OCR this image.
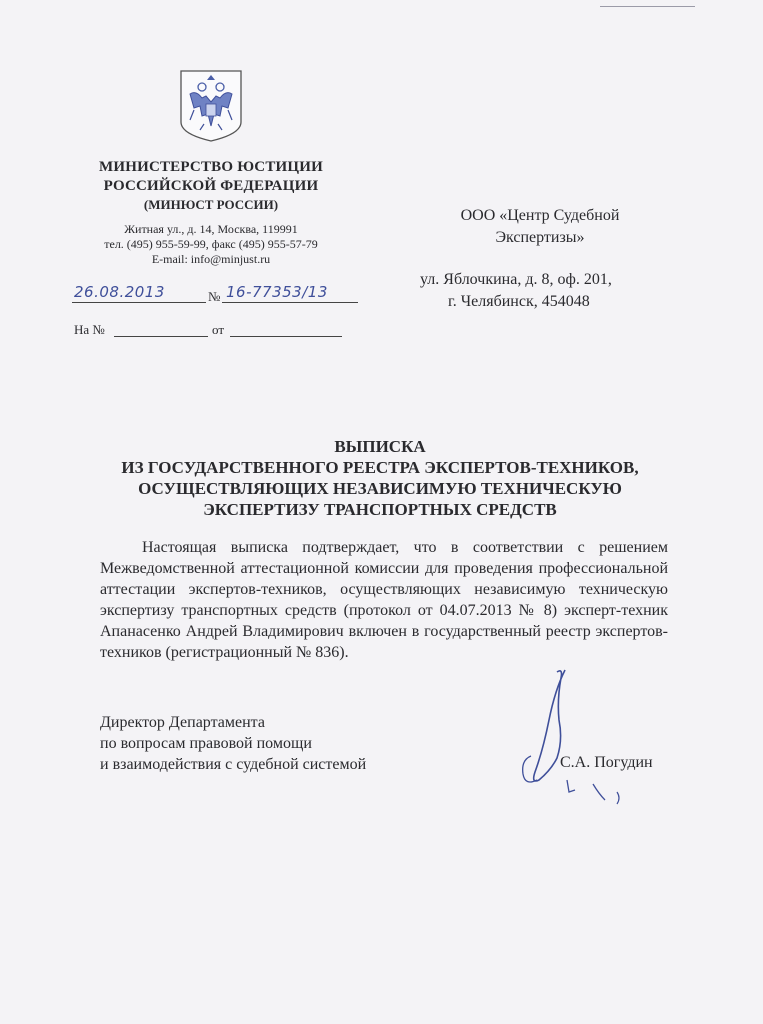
МИНИСТЕРСТВО ЮСТИЦИИ
РОССИЙСКОЙ ФЕДЕРАЦИИ
(МИНЮСТ РОССИИ)
Житная ул., д. 14, Москва, 119991
тел. (495) 955-59-99, факс (495) 955-57-79
E-mail: info@minjust.ru
26.08.2013	№ 16-77353/13
На №	от
ООО «Центр Судебной
Экспертизы»
ул. Яблочкина, д. 8, оф. 201,
г. Челябинск, 454048
ВЫПИСКА
ИЗ ГОСУДАРСТВЕННОГО РЕЕСТРА ЭКСПЕРТОВ-ТЕХНИКОВ,
ОСУЩЕСТВЛЯЮЩИХ НЕЗАВИСИМУЮ ТЕХНИЧЕСКУЮ
ЭКСПЕРТИЗУ ТРАНСПОРТНЫХ СРЕДСТВ
Настоящая выписка подтверждает, что в соответствии с решением Межведомственной аттестационной комиссии для проведения профессиональной аттестации экспертов-техников, осуществляющих независимую техническую экспертизу транспортных средств (протокол от 04.07.2013 № 8) эксперт-техник Апанасенко Андрей Владимирович включен в государственный реестр экспертов-техников (регистрационный № 836).
Директор Департамента
по вопросам правовой помощи
и взаимодействия с судебной системой	С.А. Погудин
